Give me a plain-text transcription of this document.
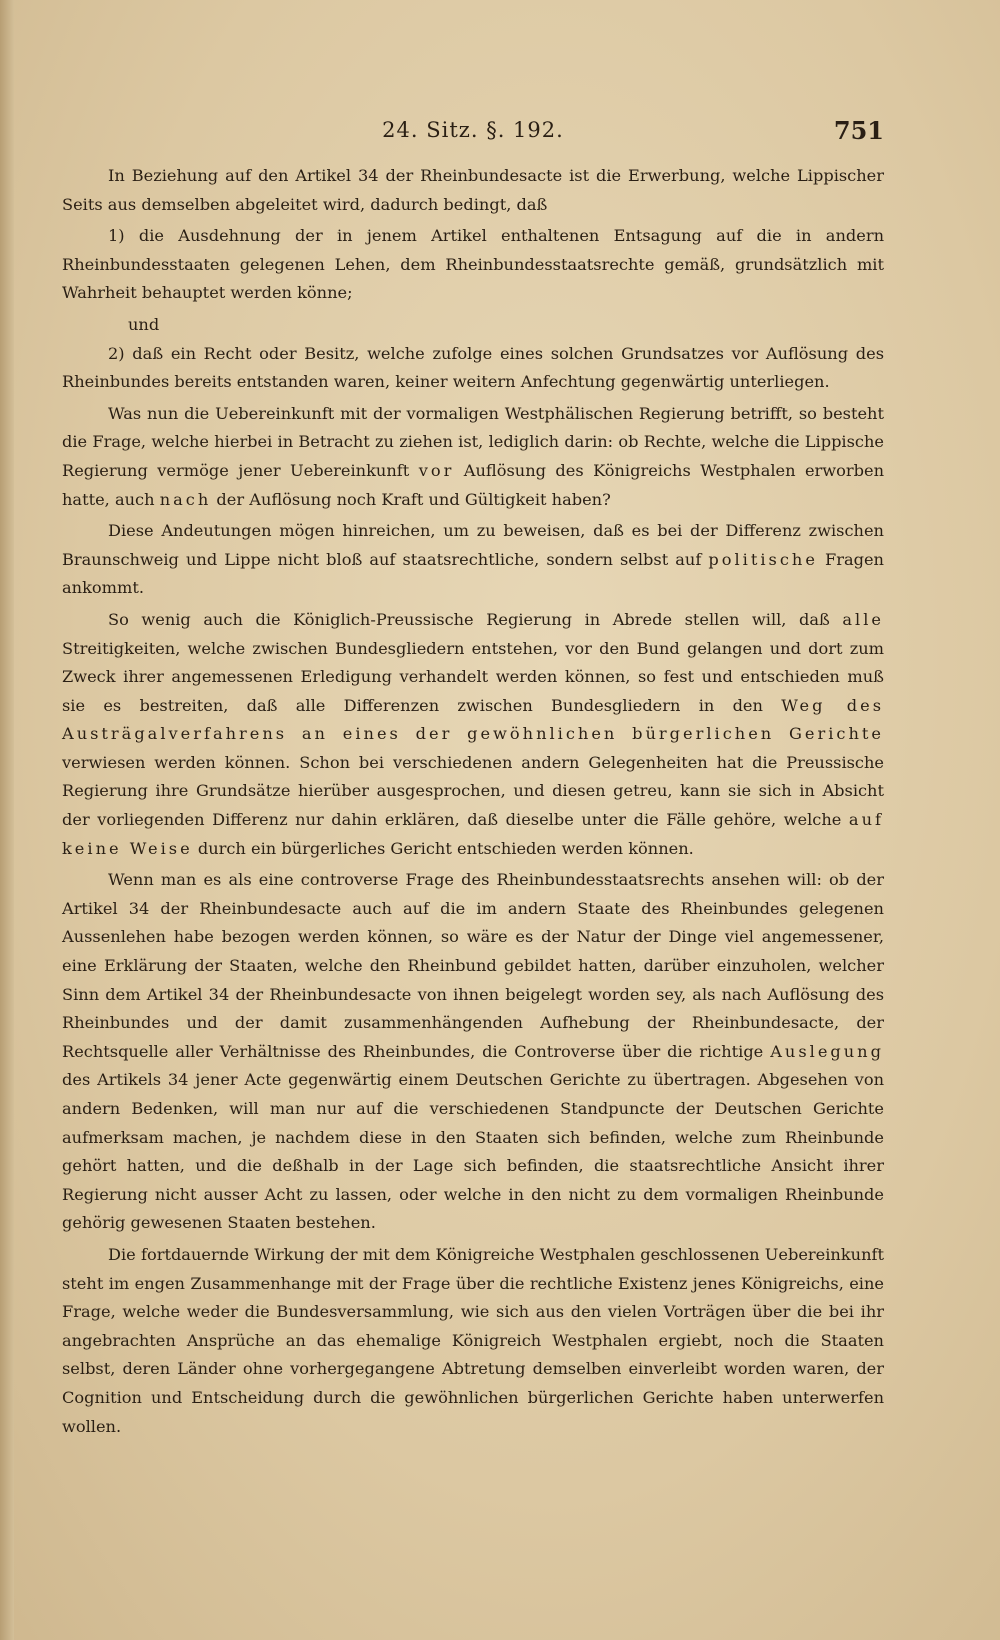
24. Sitz. §. 192.	751

In Beziehung auf den Artikel 34 der Rheinbundesacte ist die Erwerbung, welche Lippischer Seits aus demselben abgeleitet wird, dadurch bedingt, daß

1) die Ausdehnung der in jenem Artikel enthaltenen Entsagung auf die in andern Rheinbundesstaaten gelegenen Lehen, dem Rheinbundesstaatsrechte gemäß, grundsätzlich mit Wahrheit behauptet werden könne;

und

2) daß ein Recht oder Besitz, welche zufolge eines solchen Grundsatzes vor Auflösung des Rheinbundes bereits entstanden waren, keiner weitern Anfechtung gegenwärtig unterliegen.

Was nun die Uebereinkunft mit der vormaligen Westphälischen Regierung betrifft, so besteht die Frage, welche hierbei in Betracht zu ziehen ist, lediglich darin: ob Rechte, welche die Lippische Regierung vermöge jener Uebereinkunft vor Auflösung des Königreichs Westphalen erworben hatte, auch nach der Auflösung noch Kraft und Gültigkeit haben?

Diese Andeutungen mögen hinreichen, um zu beweisen, daß es bei der Differenz zwischen Braunschweig und Lippe nicht bloß auf staatsrechtliche, sondern selbst auf politische Fragen ankommt.

So wenig auch die Königlich-Preussische Regierung in Abrede stellen will, daß alle Streitigkeiten, welche zwischen Bundesgliedern entstehen, vor den Bund gelangen und dort zum Zweck ihrer angemessenen Erledigung verhandelt werden können, so fest und entschieden muß sie es bestreiten, daß alle Differenzen zwischen Bundesgliedern in den Weg des Austrägalverfahrens an eines der gewöhnlichen bürgerlichen Gerichte verwiesen werden können. Schon bei verschiedenen andern Gelegenheiten hat die Preussische Regierung ihre Grundsätze hierüber ausgesprochen, und diesen getreu, kann sie sich in Absicht der vorliegenden Differenz nur dahin erklären, daß dieselbe unter die Fälle gehöre, welche auf keine Weise durch ein bürgerliches Gericht entschieden werden können.

Wenn man es als eine controverse Frage des Rheinbundesstaatsrechts ansehen will: ob der Artikel 34 der Rheinbundesacte auch auf die im andern Staate des Rheinbundes gelegenen Aussenlehen habe bezogen werden können, so wäre es der Natur der Dinge viel angemessener, eine Erklärung der Staaten, welche den Rheinbund gebildet hatten, darüber einzuholen, welcher Sinn dem Artikel 34 der Rheinbundesacte von ihnen beigelegt worden sey, als nach Auflösung des Rheinbundes und der damit zusammenhängenden Aufhebung der Rheinbundesacte, der Rechtsquelle aller Verhältnisse des Rheinbundes, die Controverse über die richtige Auslegung des Artikels 34 jener Acte gegenwärtig einem Deutschen Gerichte zu übertragen. Abgesehen von andern Bedenken, will man nur auf die verschiedenen Standpuncte der Deutschen Gerichte aufmerksam machen, je nachdem diese in den Staaten sich befinden, welche zum Rheinbunde gehört hatten, und die deßhalb in der Lage sich befinden, die staatsrechtliche Ansicht ihrer Regierung nicht ausser Acht zu lassen, oder welche in den nicht zu dem vormaligen Rheinbunde gehörig gewesenen Staaten bestehen.

Die fortdauernde Wirkung der mit dem Königreiche Westphalen geschlossenen Uebereinkunft steht im engen Zusammenhange mit der Frage über die rechtliche Existenz jenes Königreichs, eine Frage, welche weder die Bundesversammlung, wie sich aus den vielen Vorträgen über die bei ihr angebrachten Ansprüche an das ehemalige Königreich Westphalen ergiebt, noch die Staaten selbst, deren Länder ohne vorhergegangene Abtretung demselben einverleibt worden waren, der Cognition und Entscheidung durch die gewöhnlichen bürgerlichen Gerichte haben unterwerfen wollen.
